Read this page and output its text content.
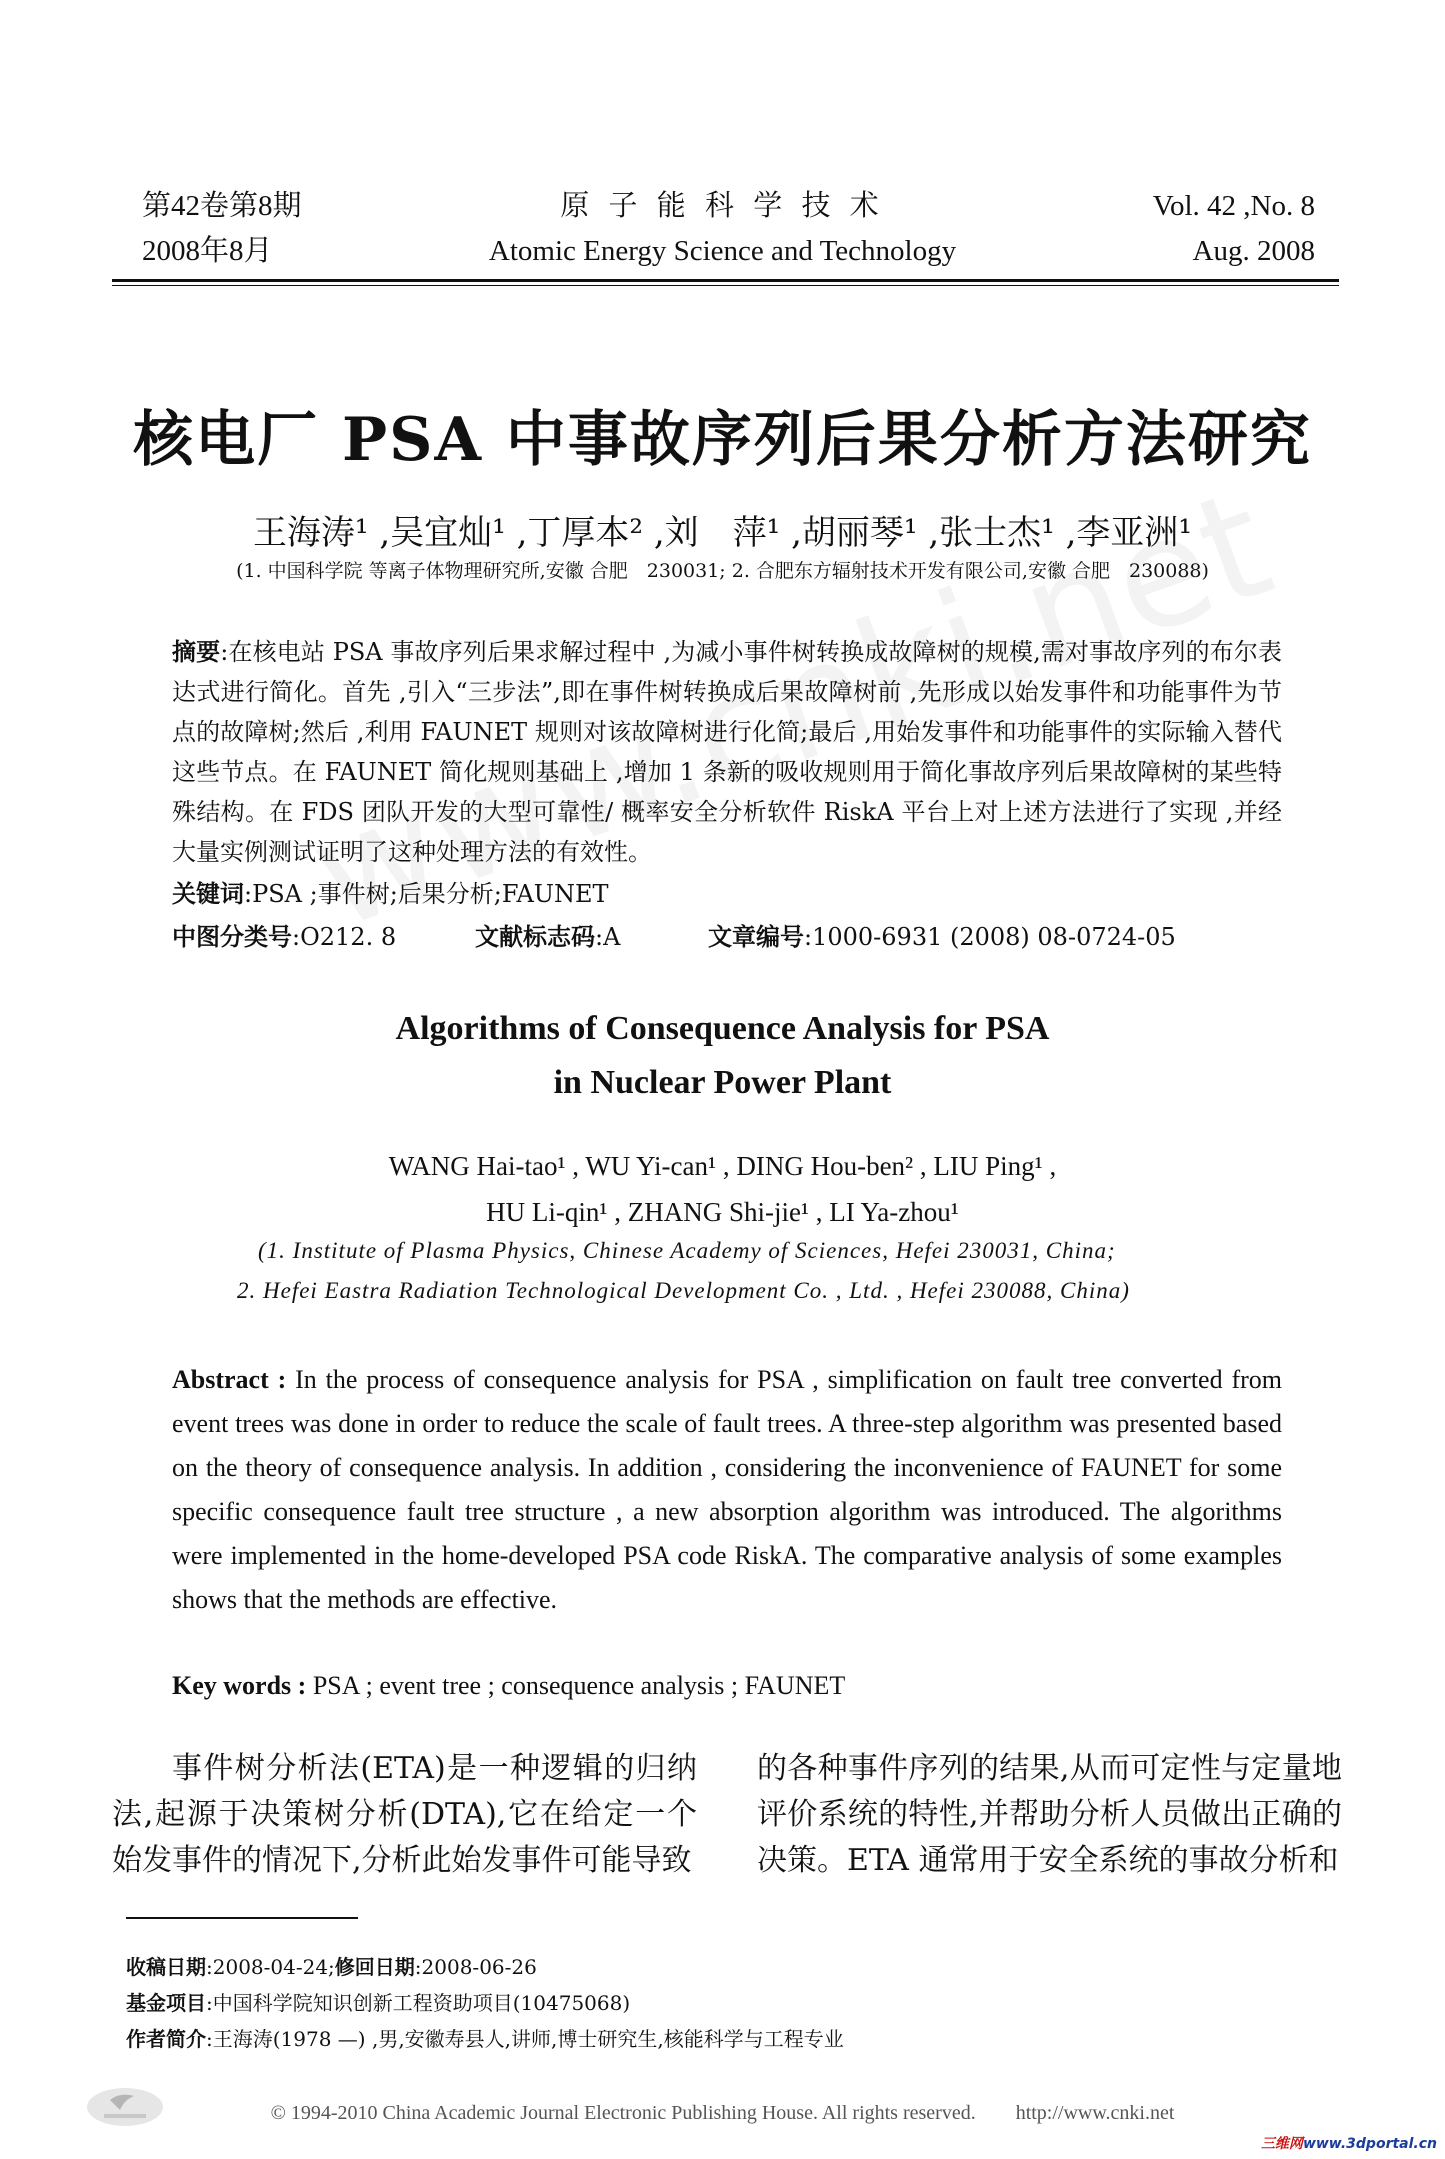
第42卷第8期
2008年8月
原 子 能 科 学 技 术
Atomic Energy Science and Technology
Vol. 42 ,No. 8
Aug. 2008
核电厂 PSA 中事故序列后果分析方法研究
王海涛¹ ,吴宜灿¹ ,丁厚本² ,刘　萍¹ ,胡丽琴¹ ,张士杰¹ ,李亚洲¹
(1. 中国科学院 等离子体物理研究所,安徽 合肥　230031; 2. 合肥东方辐射技术开发有限公司,安徽 合肥　230088)
摘要:在核电站 PSA 事故序列后果求解过程中 ,为减小事件树转换成故障树的规模,需对事故序列的布尔表达式进行简化。首先 ,引入“三步法”,即在事件树转换成后果故障树前 ,先形成以始发事件和功能事件为节点的故障树;然后 ,利用 FAUNET 规则对该故障树进行化简;最后 ,用始发事件和功能事件的实际输入替代这些节点。在 FAUNET 简化规则基础上 ,增加 1 条新的吸收规则用于简化事故序列后果故障树的某些特殊结构。在 FDS 团队开发的大型可靠性/ 概率安全分析软件 RiskA 平台上对上述方法进行了实现 ,并经大量实例测试证明了这种处理方法的有效性。
关键词:PSA ;事件树;后果分析;FAUNET
中图分类号:O212. 8	文献标志码:A	文章编号:1000-6931 (2008) 08-0724-05
Algorithms of Consequence Analysis for PSA
in Nuclear Power Plant
WANG Hai-tao¹ , WU Yi-can¹ , DING Hou-ben² , LIU Ping¹ ,
HU Li-qin¹ , ZHANG Shi-jie¹ , LI Ya-zhou¹
(1. Institute of Plasma Physics, Chinese Academy of Sciences, Hefei 230031, China;
2. Hefei Eastra Radiation Technological Development Co. , Ltd. , Hefei 230088, China)
Abstract : In the process of consequence analysis for PSA , simplification on fault tree converted from event trees was done in order to reduce the scale of fault trees. A three-step algorithm was presented based on the theory of consequence analysis. In addition , considering the inconvenience of FAUNET for some specific consequence fault tree structure , a new absorption algorithm was introduced. The algorithms were implemented in the home-developed PSA code RiskA. The comparative analysis of some examples shows that the methods are effective.
Key words : PSA ; event tree ; consequence analysis ; FAUNET

事件树分析法(ETA)是一种逻辑的归纳法,起源于决策树分析(DTA),它在给定一个始发事件的情况下,分析此始发事件可能导致

的各种事件序列的结果,从而可定性与定量地评价系统的特性,并帮助分析人员做出正确的决策。ETA 通常用于安全系统的事故分析和

收稿日期:2008-04-24;修回日期:2008-06-26
基金项目:中国科学院知识创新工程资助项目(10475068)
作者简介:王海涛(1978 —) ,男,安徽寿县人,讲师,博士研究生,核能科学与工程专业
© 1994-2010 China Academic Journal Electronic Publishing House. All rights reserved.　　http://www.cnki.net
三维网www.3dportal.cn
